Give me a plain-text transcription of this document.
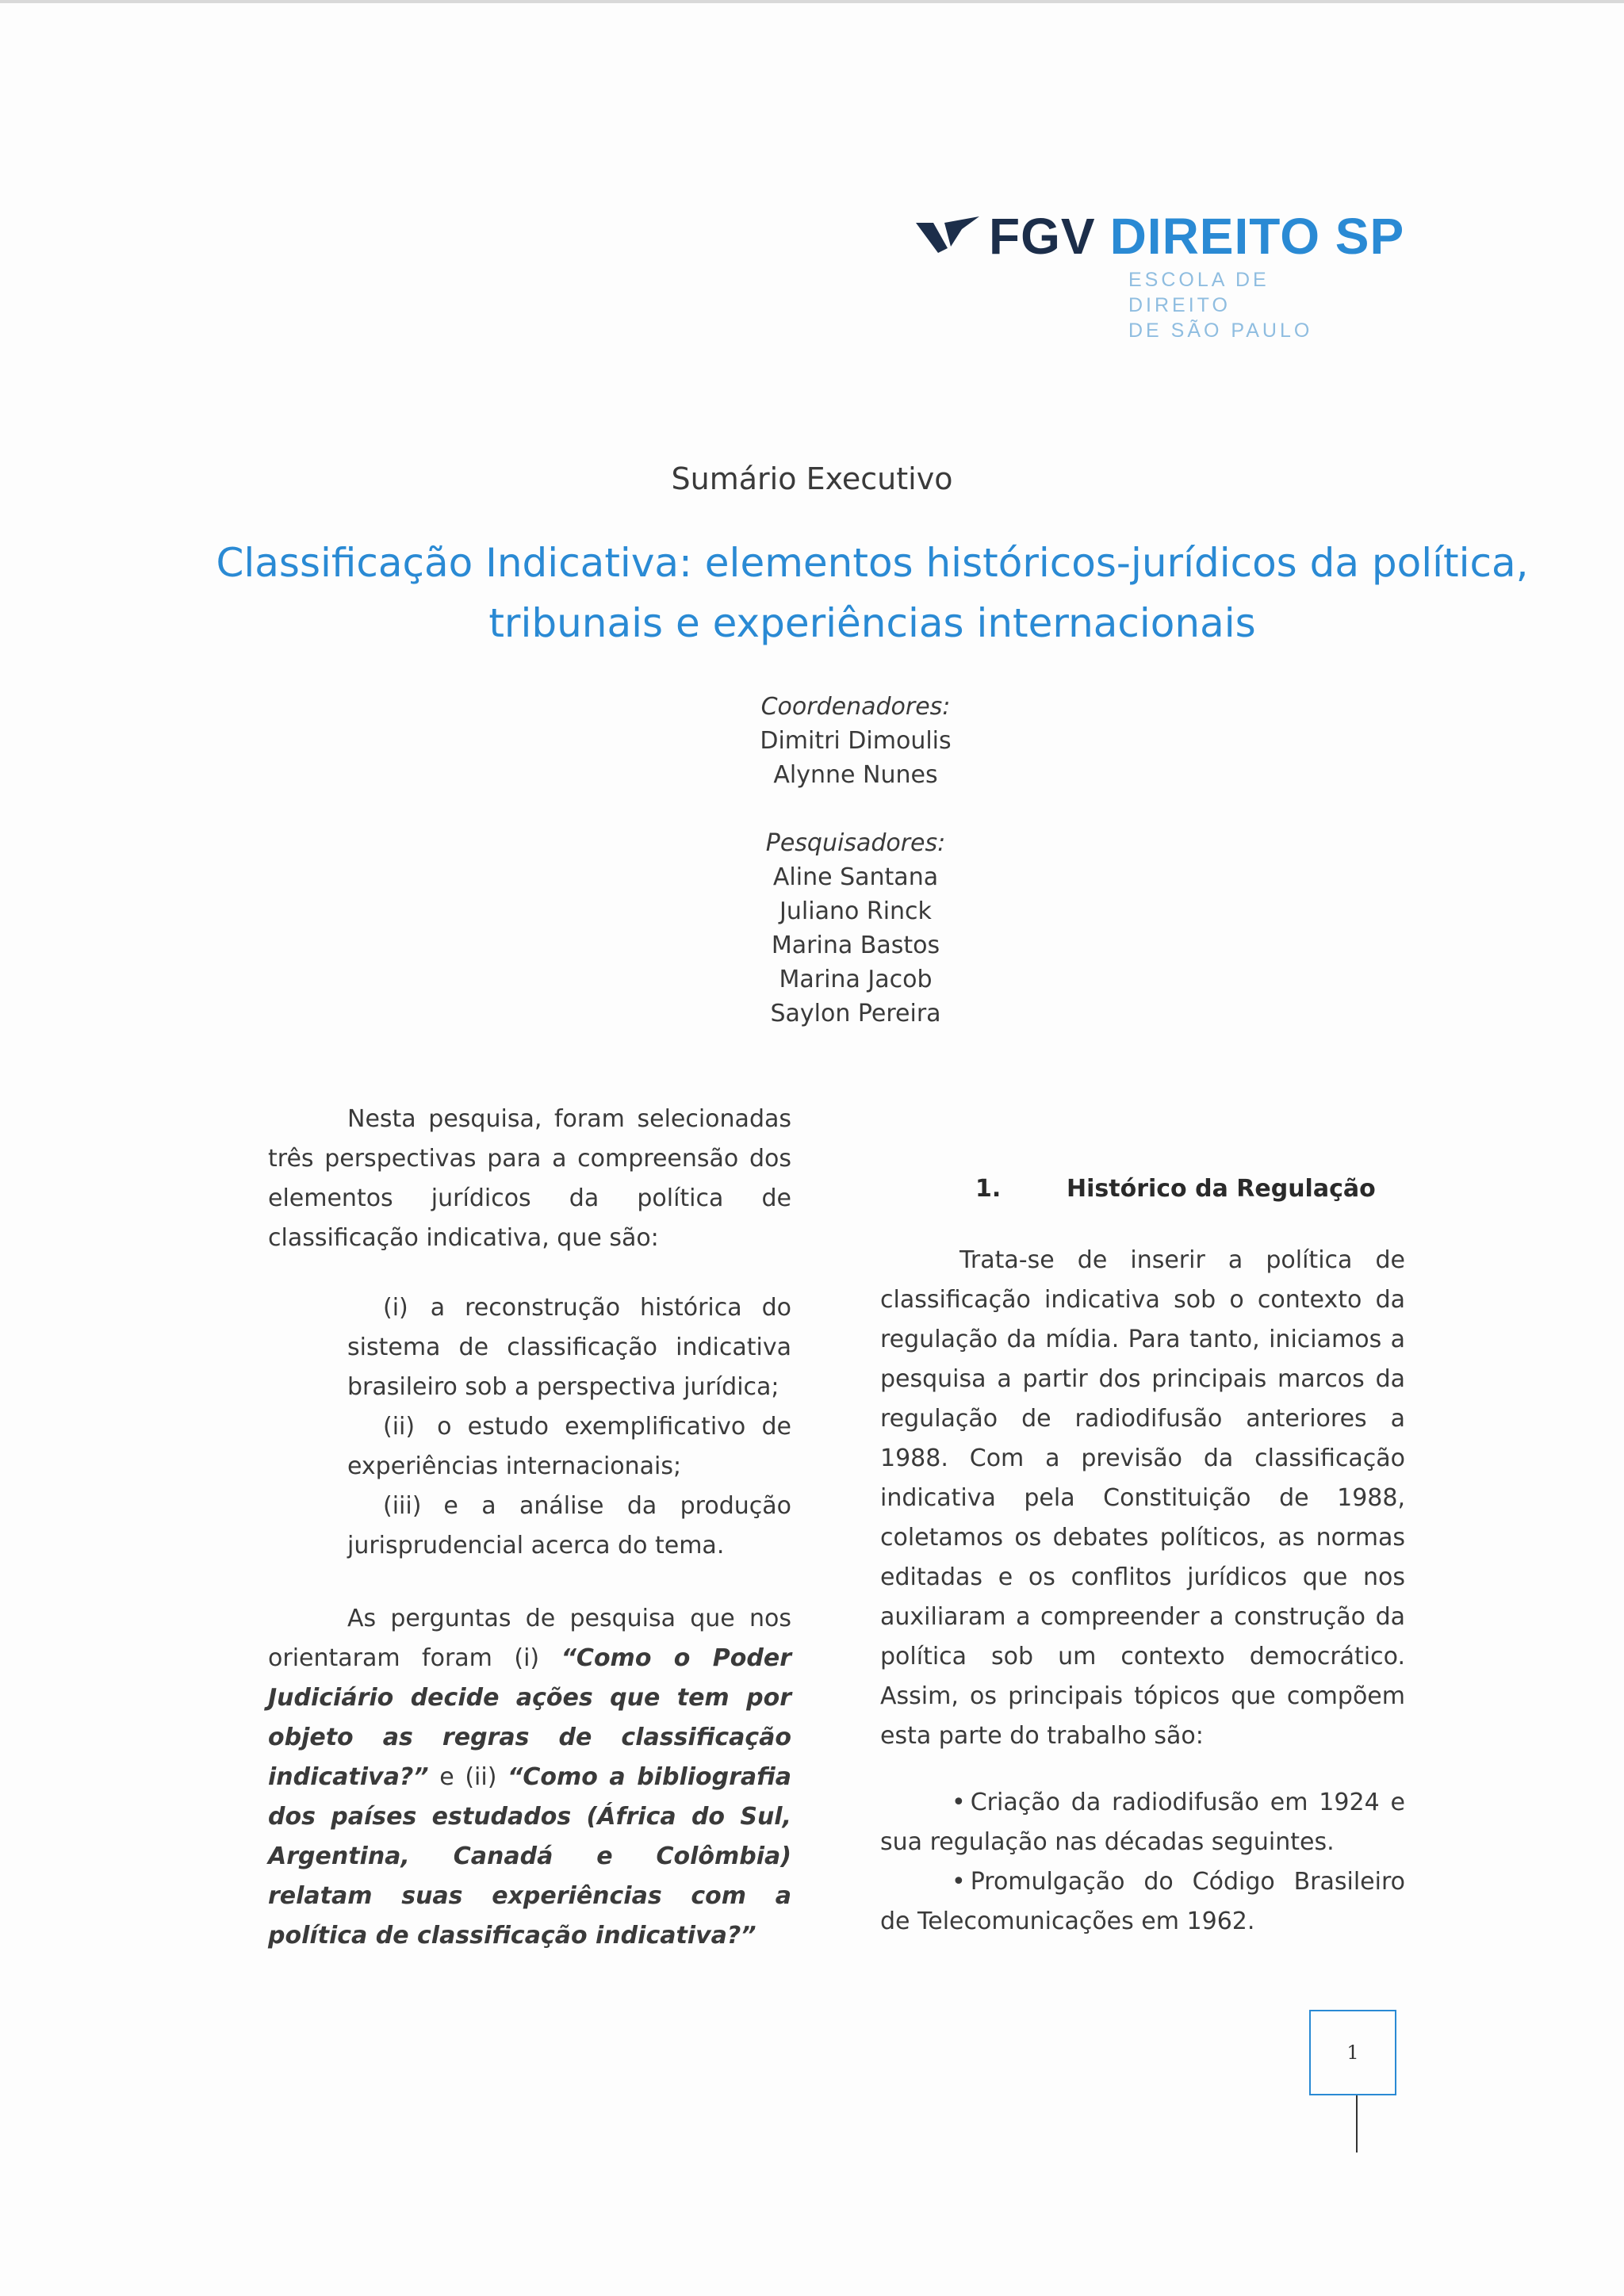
FGV DIREITO SP
ESCOLA DE
DIREITO
DE SÃO PAULO
Sumário Executivo
Classificação Indicativa: elementos históricos-jurídicos da política, tribunais e experiências internacionais
Coordenadores:
Dimitri Dimoulis
Alynne Nunes
Pesquisadores:
Aline Santana
Juliano Rinck
Marina Bastos
Marina Jacob
Saylon Pereira

Nesta pesquisa, foram selecionadas três perspectivas para a compreensão dos elementos jurídicos da política de classificação indicativa, que são:

(i) a reconstrução histórica do sistema de classificação indicativa brasileiro sob a perspectiva jurídica;

(ii) o estudo exemplificativo de experiências internacionais;

(iii) e a análise da produção jurisprudencial acerca do tema.

As perguntas de pesquisa que nos orientaram foram (i) “Como o Poder Judiciário decide ações que tem por objeto as regras de classificação indicativa?” e (ii) “Como a bibliografia dos países estudados (África do Sul, Argentina, Canadá e Colômbia) relatam suas experiências com a política de classificação indicativa?”

1.	Histórico da Regulação

Trata-se de inserir a política de classificação indicativa sob o contexto da regulação da mídia. Para tanto, iniciamos a pesquisa a partir dos principais marcos da regulação de radiodifusão anteriores a 1988. Com a previsão da classificação indicativa pela Constituição de 1988, coletamos os debates políticos, as normas editadas e os conflitos jurídicos que nos auxiliaram a compreender a construção da política sob um contexto democrático. Assim, os principais tópicos que compõem esta parte do trabalho são:

• Criação da radiodifusão em 1924 e sua regulação nas décadas seguintes.

• Promulgação do Código Brasileiro de Telecomunicações em 1962.

1
